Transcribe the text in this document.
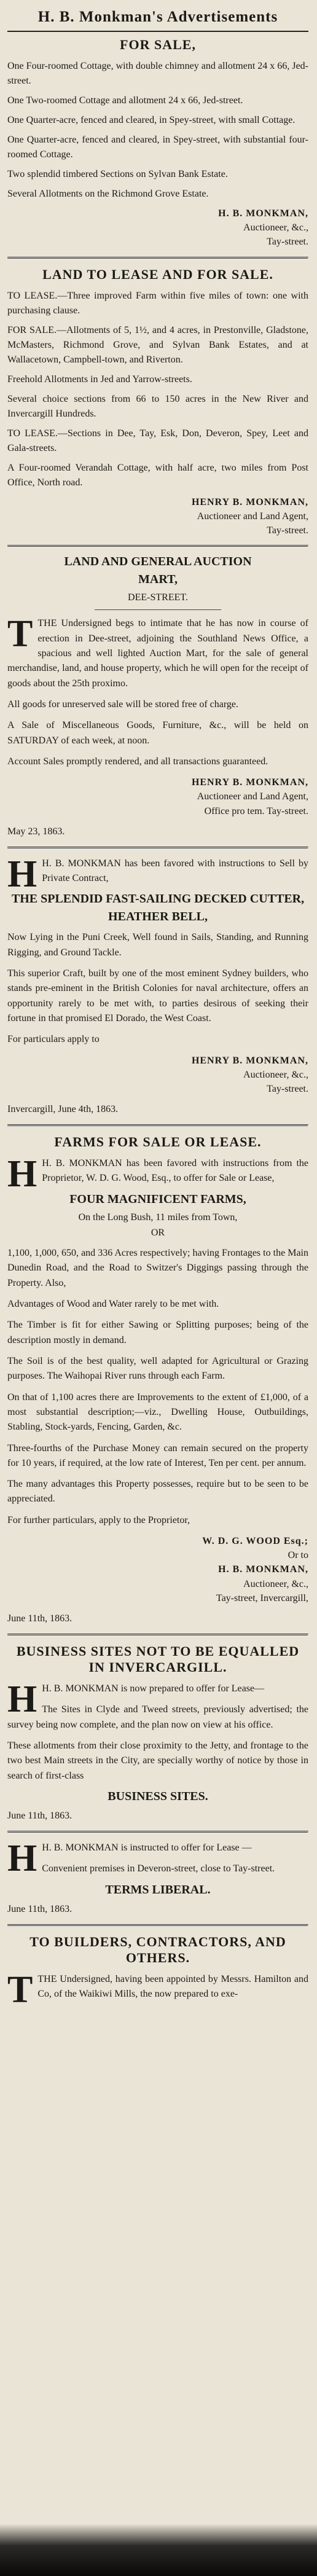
H. B. Monkman's Advertisements
FOR SALE,
One Four-roomed Cottage, with double chimney and allotment 24 x 66, Jed-street.
One Two-roomed Cottage and allotment 24 x 66, Jed-street.
One Quarter-acre, fenced and cleared, in Spey-street, with small Cottage.
One Quarter-acre, fenced and cleared, in Spey-street, with substantial four-roomed Cottage.
Two splendid timbered Sections on Sylvan Bank Estate.
Several Allotments on the Richmond Grove Estate.
H. B. MONKMAN,
Auctioneer, &c.,
Tay-street.
LAND TO LEASE AND FOR SALE.
TO LEASE.—Three improved Farm within five miles of town: one with purchasing clause.
FOR SALE.—Allotments of 5, 1½, and 4 acres, in Prestonville, Gladstone, McMasters, Richmond Grove, and Sylvan Bank Estates, and at Wallacetown, Campbell-town, and Riverton.
Freehold Allotments in Jed and Yarrow-streets.
Several choice sections from 66 to 150 acres in the New River and Invercargill Hundreds.
TO LEASE.—Sections in Dee, Tay, Esk, Don, Deveron, Spey, Leet and Gala-streets.
A Four-roomed Verandah Cottage, with half acre, two miles from Post Office, North road.
HENRY B. MONKMAN,
Auctioneer and Land Agent,
Tay-street.
LAND AND GENERAL AUCTION
MART,
DEE-STREET.
TTHE Undersigned begs to intimate that he has now in course of erection in Dee-street, adjoining the Southland News Office, a spacious and well lighted Auction Mart, for the sale of general merchandise, land, and house property, which he will open for the receipt of goods about the 25th proximo.
All goods for unreserved sale will be stored free of charge.
A Sale of Miscellaneous Goods, Furniture, &c., will be held on SATURDAY of each week, at noon.
Account Sales promptly rendered, and all transactions guaranteed.
HENRY B. MONKMAN,
Auctioneer and Land Agent,
Office pro tem. Tay-street.
May 23, 1863.
H H. B. MONKMAN has been favored with instructions to Sell by Private Contract,
THE SPLENDID FAST-SAILING DECKED CUTTER,
HEATHER BELL,
Now Lying in the Puni Creek, Well found in Sails, Standing, and Running Rigging, and Ground Tackle.
This superior Craft, built by one of the most eminent Sydney builders, who stands pre-eminent in the British Colonies for naval architecture, offers an opportunity rarely to be met with, to parties desirous of seeking their fortune in that promised El Dorado, the West Coast.
For particulars apply to
HENRY B. MONKMAN,
Auctioneer, &c.,
Tay-street.
Invercargill, June 4th, 1863.
FARMS FOR SALE OR LEASE.
H H. B. MONKMAN has been favored with instructions from the Proprietor, W. D. G. Wood, Esq., to offer for Sale or Lease,
FOUR MAGNIFICENT FARMS,
On the Long Bush, 11 miles from Town,
OR
1,100, 1,000, 650, and 336 Acres respectively; having Frontages to the Main Dunedin Road, and the Road to Switzer's Diggings passing through the Property. Also,
Advantages of Wood and Water rarely to be met with.
The Timber is fit for either Sawing or Splitting purposes; being of the description mostly in demand.
The Soil is of the best quality, well adapted for Agricultural or Grazing purposes. The Waihopai River runs through each Farm.
On that of 1,100 acres there are Improvements to the extent of £1,000, of a most substantial description;—viz., Dwelling House, Outbuildings, Stabling, Stock-yards, Fencing, Garden, &c.
Three-fourths of the Purchase Money can remain secured on the property for 10 years, if required, at the low rate of Interest, Ten per cent. per annum.
The many advantages this Property possesses, require but to be seen to be appreciated.
For further particulars, apply to the Proprietor,
W. D. G. WOOD Esq.;
Or to
H. B. MONKMAN,
Auctioneer, &c.,
Tay-street, Invercargill,
June 11th, 1863.
BUSINESS SITES NOT TO BE EQUALLED IN INVERCARGILL.
H H. B. MONKMAN is now prepared to offer for Lease—
The Sites in Clyde and Tweed streets, previously advertised; the survey being now complete, and the plan now on view at his office.
These allotments from their close proximity to the Jetty, and frontage to the two best Main streets in the City, are specially worthy of notice by those in search of first-class
BUSINESS SITES.
June 11th, 1863.
H H. B. MONKMAN is instructed to offer for Lease —
Convenient premises in Deveron-street, close to Tay-street.
TERMS LIBERAL.
June 11th, 1863.
TO BUILDERS, CONTRACTORS, AND OTHERS.
TTHE Undersigned, having been appointed by Messrs. Hamilton and Co, of the Waikiwi Mills, the now prepared to exe-
